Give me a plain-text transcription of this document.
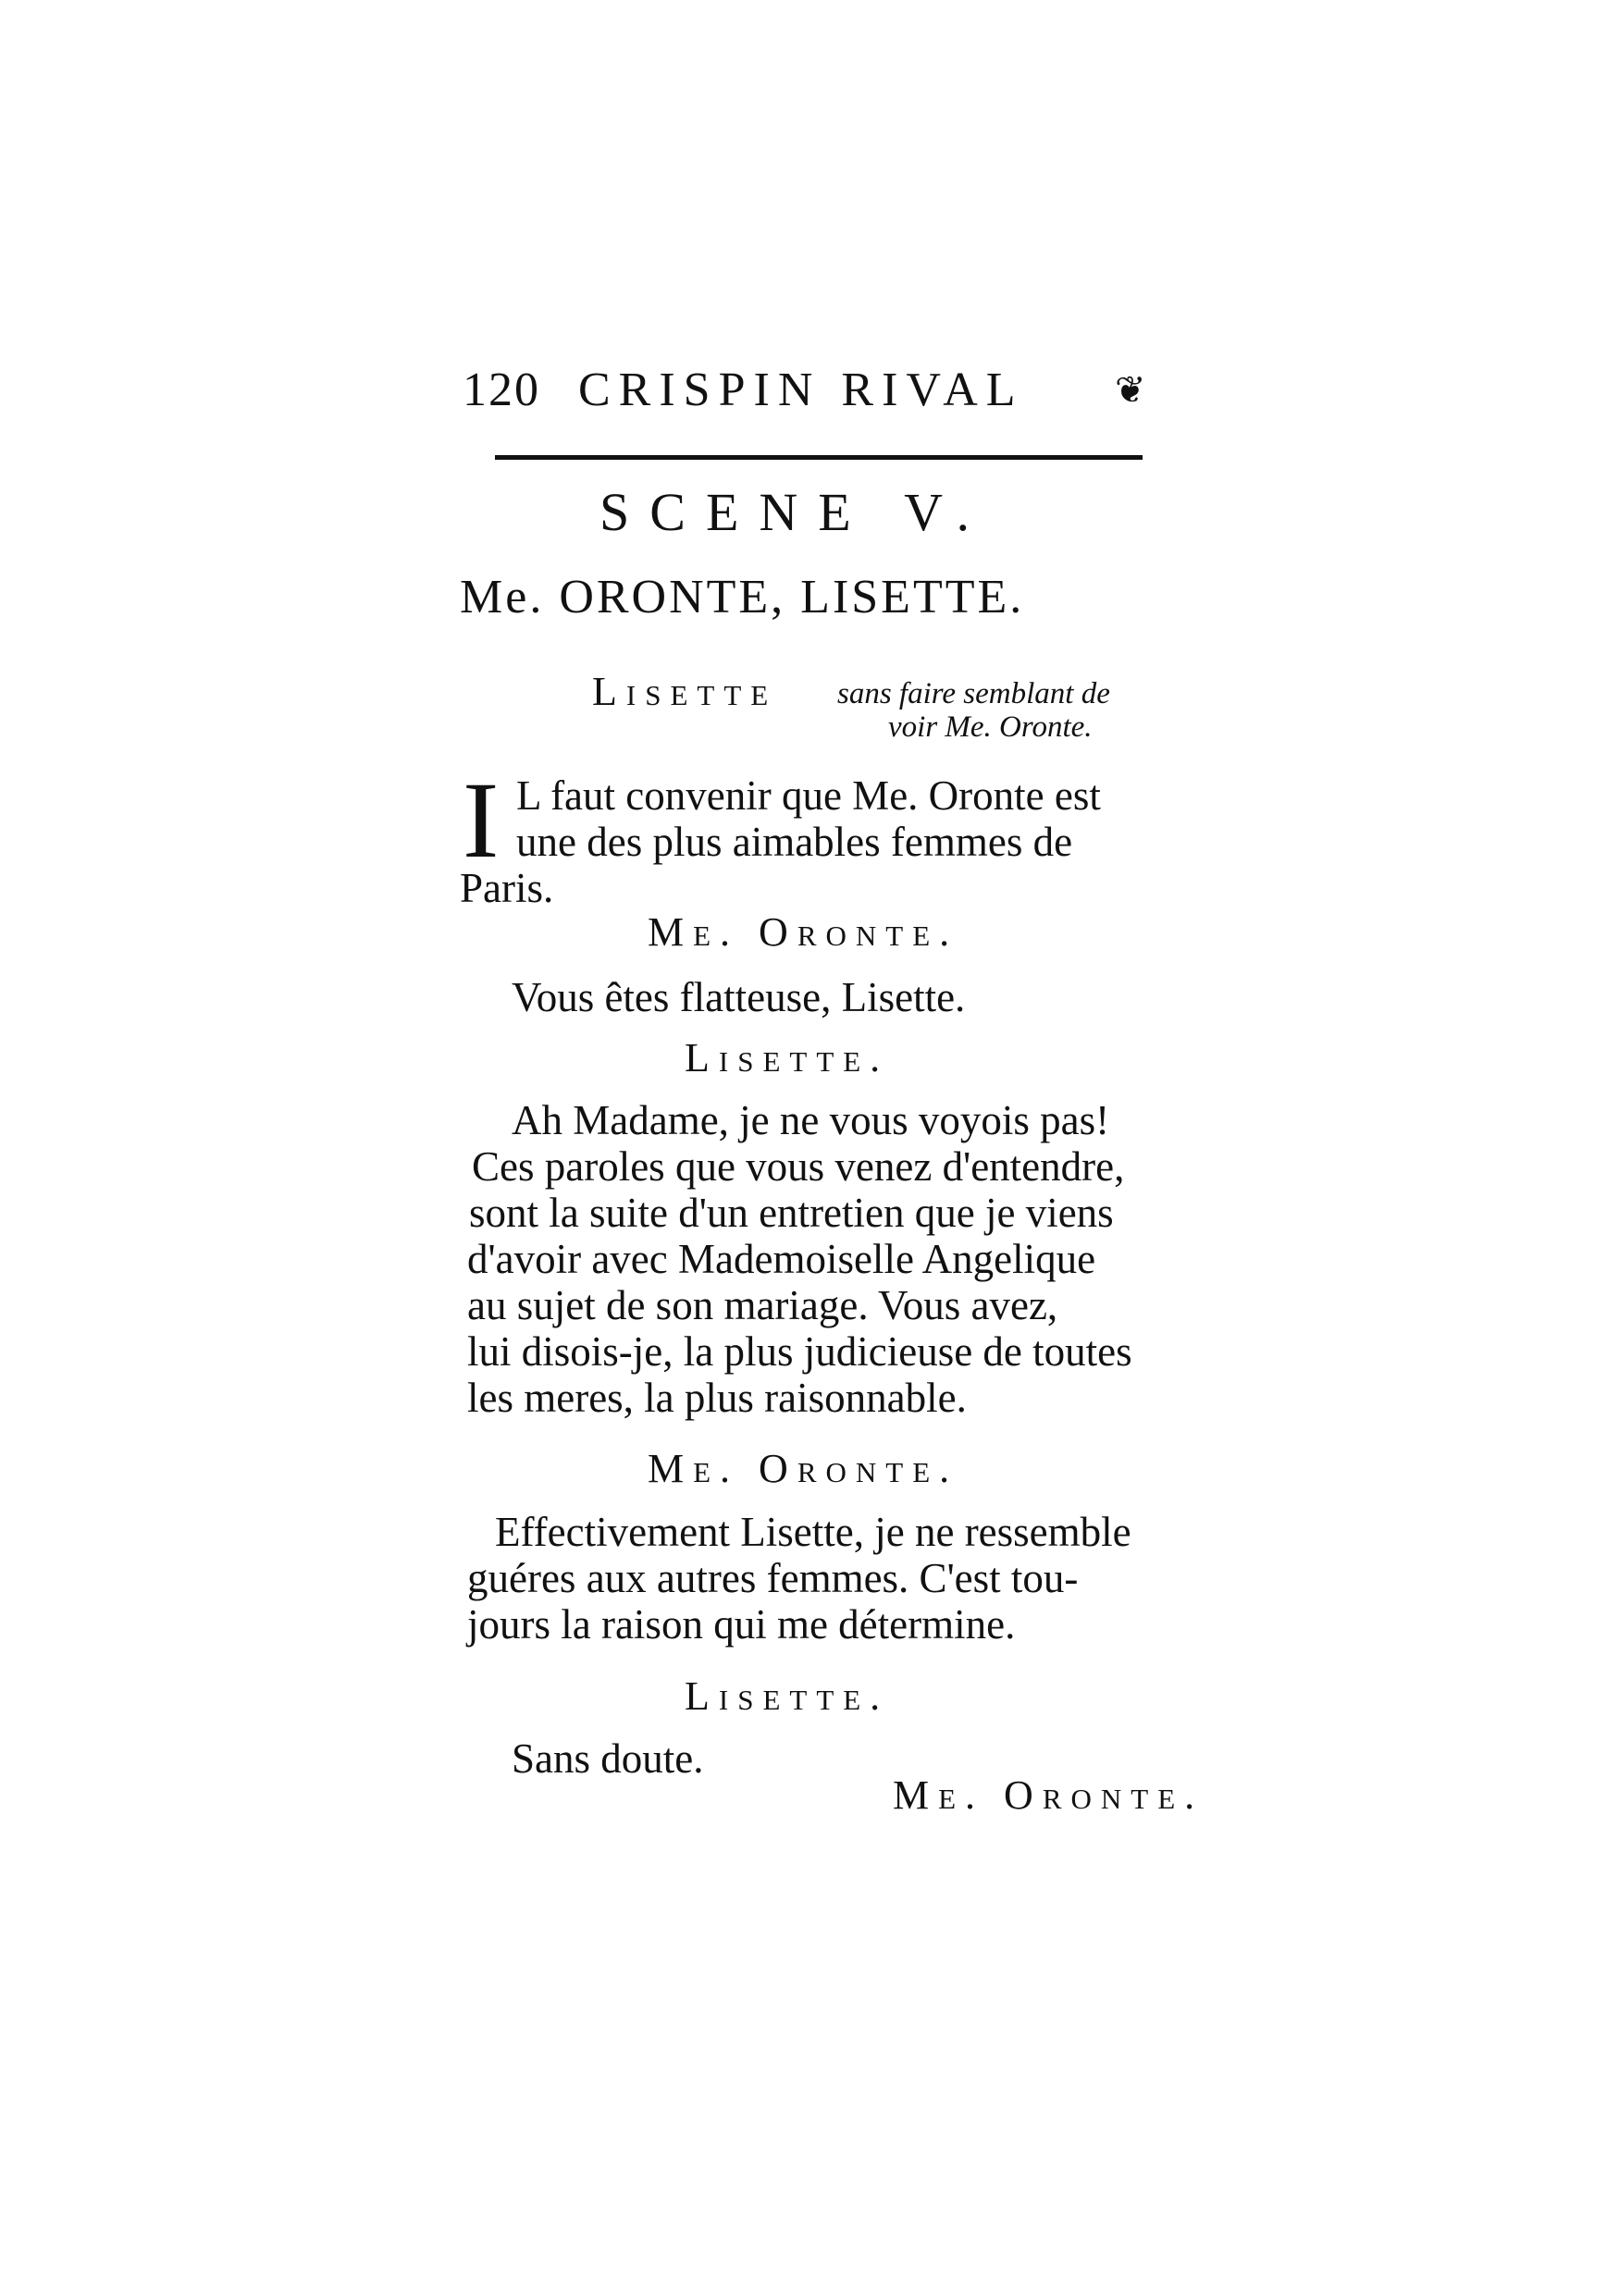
120 CRISPIN RIVAL ❦
SCENE V.
Me. ORONTE, LISETTE.
Lisette sans faire semblant de
voir Me. Oronte.
I L faut convenir que Me. Oronte est
une des plus aimables femmes de
Paris.
Me. Oronte.
Vous êtes flatteuse, Lisette.
Lisette.
Ah Madame, je ne vous voyois pas!
Ces paroles que vous venez d'entendre,
sont la suite d'un entretien que je viens
d'avoir avec Mademoiselle Angelique
au sujet de son mariage. Vous avez,
lui disois-je, la plus judicieuse de toutes
les meres, la plus raisonnable.
Me. Oronte.
Effectivement Lisette, je ne ressemble
guéres aux autres femmes. C'est tou-
jours la raison qui me détermine.
Lisette.
Sans doute.
Me. Oronte.
